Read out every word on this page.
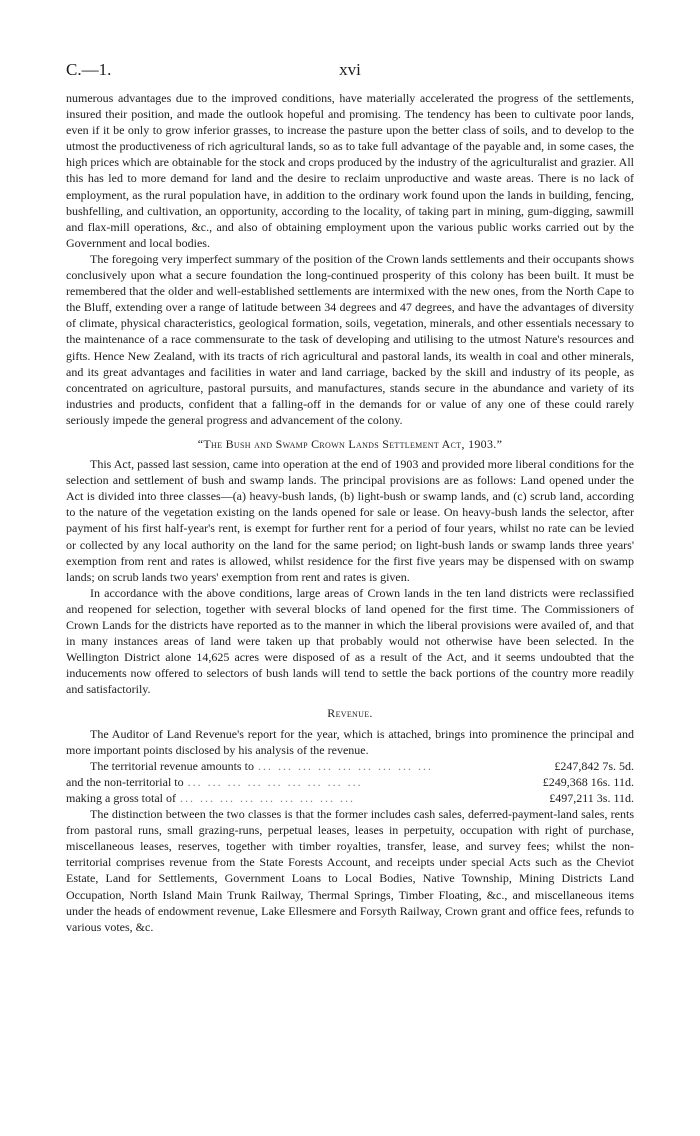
C.—1.	xvi

numerous advantages due to the improved conditions, have materially accelerated the progress of the settlements, insured their position, and made the outlook hopeful and promising. The tendency has been to cultivate poor lands, even if it be only to grow inferior grasses, to increase the pasture upon the better class of soils, and to develop to the utmost the productiveness of rich agricultural lands, so as to take full advantage of the payable and, in some cases, the high prices which are obtainable for the stock and crops produced by the industry of the agriculturalist and grazier. All this has led to more demand for land and the desire to reclaim unproductive and waste areas. There is no lack of employment, as the rural population have, in addition to the ordinary work found upon the lands in building, fencing, bushfelling, and cultivation, an opportunity, according to the locality, of taking part in mining, gum-digging, sawmill and flax-mill operations, &c., and also of obtaining employment upon the various public works carried out by the Government and local bodies.

The foregoing very imperfect summary of the position of the Crown lands settlements and their occupants shows conclusively upon what a secure foundation the long-continued prosperity of this colony has been built. It must be remembered that the older and well-established settlements are intermixed with the new ones, from the North Cape to the Bluff, extending over a range of latitude between 34 degrees and 47 degrees, and have the advantages of diversity of climate, physical characteristics, geological formation, soils, vegetation, minerals, and other essentials necessary to the maintenance of a race commensurate to the task of developing and utilising to the utmost Nature's resources and gifts. Hence New Zealand, with its tracts of rich agricultural and pastoral lands, its wealth in coal and other minerals, and its great advantages and facilities in water and land carriage, backed by the skill and industry of its people, as concentrated on agriculture, pastoral pursuits, and manufactures, stands secure in the abundance and variety of its industries and products, confident that a falling-off in the demands for or value of any one of these could rarely seriously impede the general progress and advancement of the colony.

“The Bush and Swamp Crown Lands Settlement Act, 1903.”

This Act, passed last session, came into operation at the end of 1903 and provided more liberal conditions for the selection and settlement of bush and swamp lands. The principal provisions are as follows: Land opened under the Act is divided into three classes—(a) heavy-bush lands, (b) light-bush or swamp lands, and (c) scrub land, according to the nature of the vegetation existing on the lands opened for sale or lease. On heavy-bush lands the selector, after payment of his first half-year's rent, is exempt for further rent for a period of four years, whilst no rate can be levied or collected by any local authority on the land for the same period; on light-bush lands or swamp lands three years' exemption from rent and rates is allowed, whilst residence for the first five years may be dispensed with on swamp lands; on scrub lands two years' exemption from rent and rates is given.

In accordance with the above conditions, large areas of Crown lands in the ten land districts were reclassified and reopened for selection, together with several blocks of land opened for the first time. The Commissioners of Crown Lands for the districts have reported as to the manner in which the liberal provisions were availed of, and that in many instances areas of land were taken up that probably would not otherwise have been selected. In the Wellington District alone 14,625 acres were disposed of as a result of the Act, and it seems undoubted that the inducements now offered to selectors of bush lands will tend to settle the back portions of the country more readily and satisfactorily.

Revenue.

The Auditor of Land Revenue's report for the year, which is attached, brings into prominence the principal and more important points disclosed by his analysis of the revenue.

The territorial revenue amounts to ... ... ... ... ... ... ... ... ...	£247,842 7s. 5d.
and the non-territorial to ... ... ... ... ... ... ... ... ...	£249,368 16s. 11d.
making a gross total of ... ... ... ... ... ... ... ... ...	£497,211 3s. 11d.

The distinction between the two classes is that the former includes cash sales, deferred-payment-land sales, rents from pastoral runs, small grazing-runs, perpetual leases, leases in perpetuity, occupation with right of purchase, miscellaneous leases, reserves, together with timber royalties, transfer, lease, and survey fees; whilst the non-territorial comprises revenue from the State Forests Account, and receipts under special Acts such as the Cheviot Estate, Land for Settlements, Government Loans to Local Bodies, Native Township, Mining Districts Land Occupation, North Island Main Trunk Railway, Thermal Springs, Timber Floating, &c., and miscellaneous items under the heads of endowment revenue, Lake Ellesmere and Forsyth Railway, Crown grant and office fees, refunds to various votes, &c.
